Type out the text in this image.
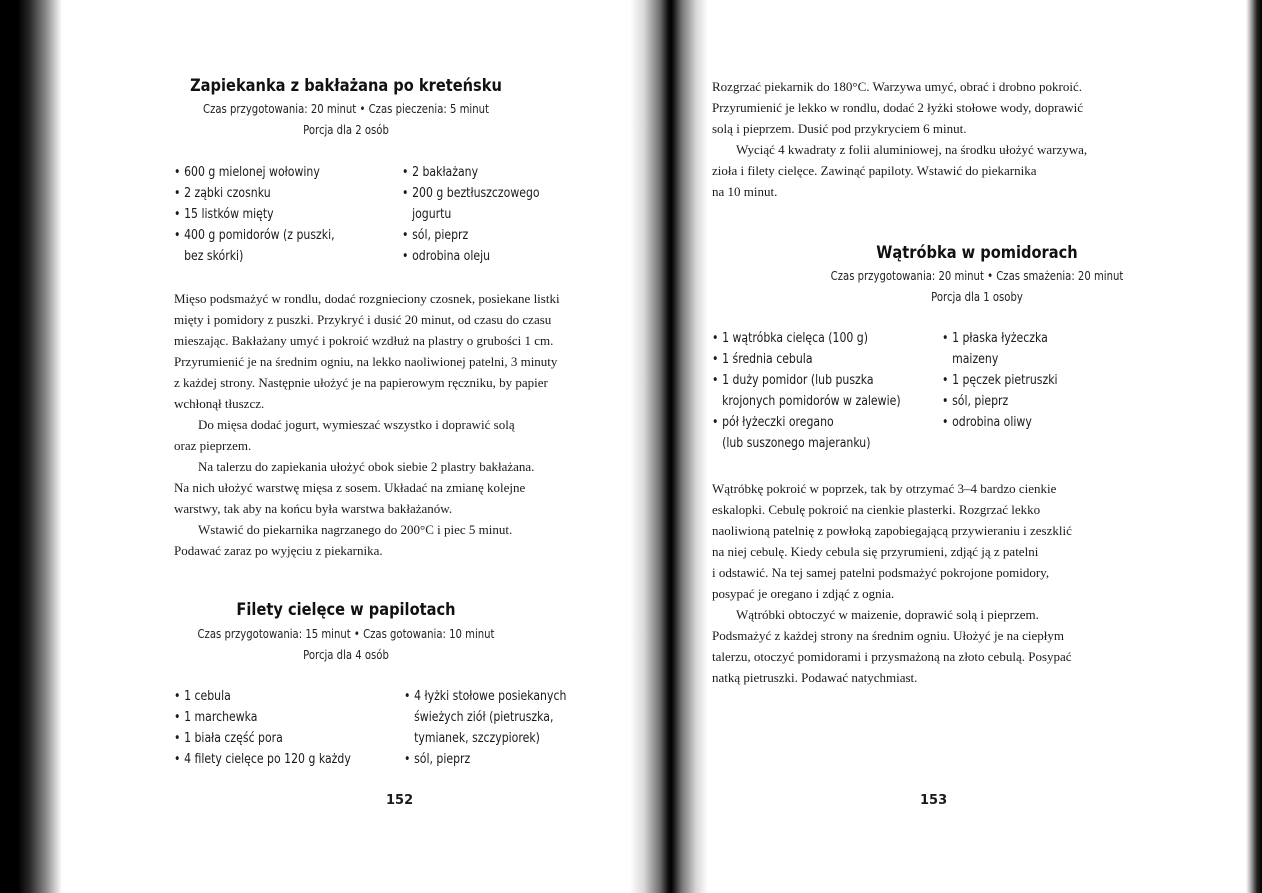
Zapiekanka z bakłażana po kreteńsku

Czas przygotowania: 20 minut • Czas pieczenia: 5 minut

Porcja dla 2 osób

• 600 g mielonej wołowiny
• 2 ząbki czosnku
• 15 listków mięty
• 400 g pomidorów (z puszki,
bez skórki)
• 2 bakłażany
• 200 g beztłuszczowego
jogurtu
• sól, pieprz
• odrobina oleju

Mięso podsmażyć w rondlu, dodać rozgnieciony czosnek, posiekane listki

mięty i pomidory z puszki. Przykryć i dusić 20 minut, od czasu do czasu

mieszając. Bakłażany umyć i pokroić wzdłuż na plastry o grubości 1 cm.

Przyrumienić je na średnim ogniu, na lekko naoliwionej patelni, 3 minuty

z każdej strony. Następnie ułożyć je na papierowym ręczniku, by papier

wchłonął tłuszcz.

Do mięsa dodać jogurt, wymieszać wszystko i doprawić solą

oraz pieprzem.

Na talerzu do zapiekania ułożyć obok siebie 2 plastry bakłażana.

Na nich ułożyć warstwę mięsa z sosem. Układać na zmianę kolejne

warstwy, tak aby na końcu była warstwa bakłażanów.

Wstawić do piekarnika nagrzanego do 200°C i piec 5 minut.

Podawać zaraz po wyjęciu z piekarnika.

Filety cielęce w papilotach

Czas przygotowania: 15 minut • Czas gotowania: 10 minut

Porcja dla 4 osób

• 1 cebula
• 1 marchewka
• 1 biała część pora
• 4 filety cielęce po 120 g każdy
• 4 łyżki stołowe posiekanych
świeżych ziół (pietruszka,
tymianek, szczypiorek)
• sól, pieprz

152

Rozgrzać piekarnik do 180°C. Warzywa umyć, obrać i drobno pokroić.

Przyrumienić je lekko w rondlu, dodać 2 łyżki stołowe wody, doprawić

solą i pieprzem. Dusić pod przykryciem 6 minut.

Wyciąć 4 kwadraty z folii aluminiowej, na środku ułożyć warzywa,

zioła i filety cielęce. Zawinąć papiloty. Wstawić do piekarnika

na 10 minut.

Wątróbka w pomidorach

Czas przygotowania: 20 minut • Czas smażenia: 20 minut

Porcja dla 1 osoby

• 1 wątróbka cielęca (100 g)
• 1 średnia cebula
• 1 duży pomidor (lub puszka
krojonych pomidorów w zalewie)
• pół łyżeczki oregano
(lub suszonego majeranku)
• 1 płaska łyżeczka
maizeny
• 1 pęczek pietruszki
• sól, pieprz
• odrobina oliwy

Wątróbkę pokroić w poprzek, tak by otrzymać 3–4 bardzo cienkie

eskalopki. Cebulę pokroić na cienkie plasterki. Rozgrzać lekko

naoliwioną patelnię z powłoką zapobiegającą przywieraniu i zeszklić

na niej cebulę. Kiedy cebula się przyrumieni, zdjąć ją z patelni

i odstawić. Na tej samej patelni podsmażyć pokrojone pomidory,

posypać je oregano i zdjąć z ognia.

Wątróbki obtoczyć w maizenie, doprawić solą i pieprzem.

Podsmażyć z każdej strony na średnim ogniu. Ułożyć je na ciepłym

talerzu, otoczyć pomidorami i przysmażoną na złoto cebulą. Posypać

natką pietruszki. Podawać natychmiast.

153
